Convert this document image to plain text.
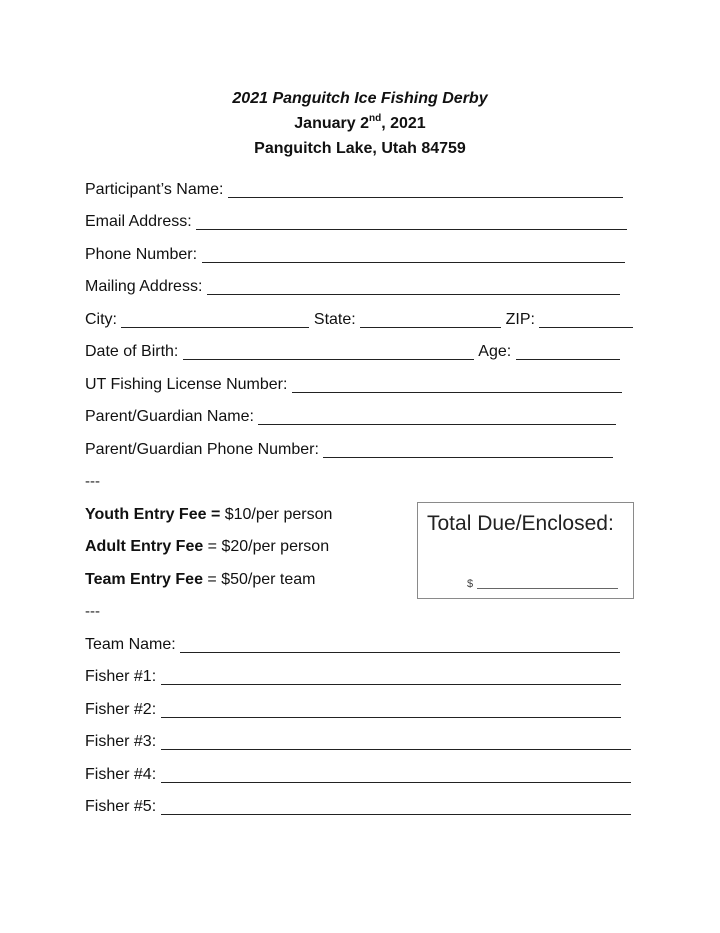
2021 Panguitch Ice Fishing Derby
January 2nd, 2021
Panguitch Lake, Utah 84759
Participant’s Name:

Email Address:

Phone Number:

Mailing Address:

City:

	State:

	ZIP:

Date of Birth:

	Age:

UT Fishing License Number:

Parent/Guardian Name:

Parent/Guardian Phone Number:

---
Youth Entry Fee = $10/per person
Adult Entry Fee = $20/per person
Team Entry Fee = $50/per team
Total Due/Enclosed:
$
---
Team Name:

Fisher #1:

Fisher #2:

Fisher #3:

Fisher #4:

Fisher #5:
